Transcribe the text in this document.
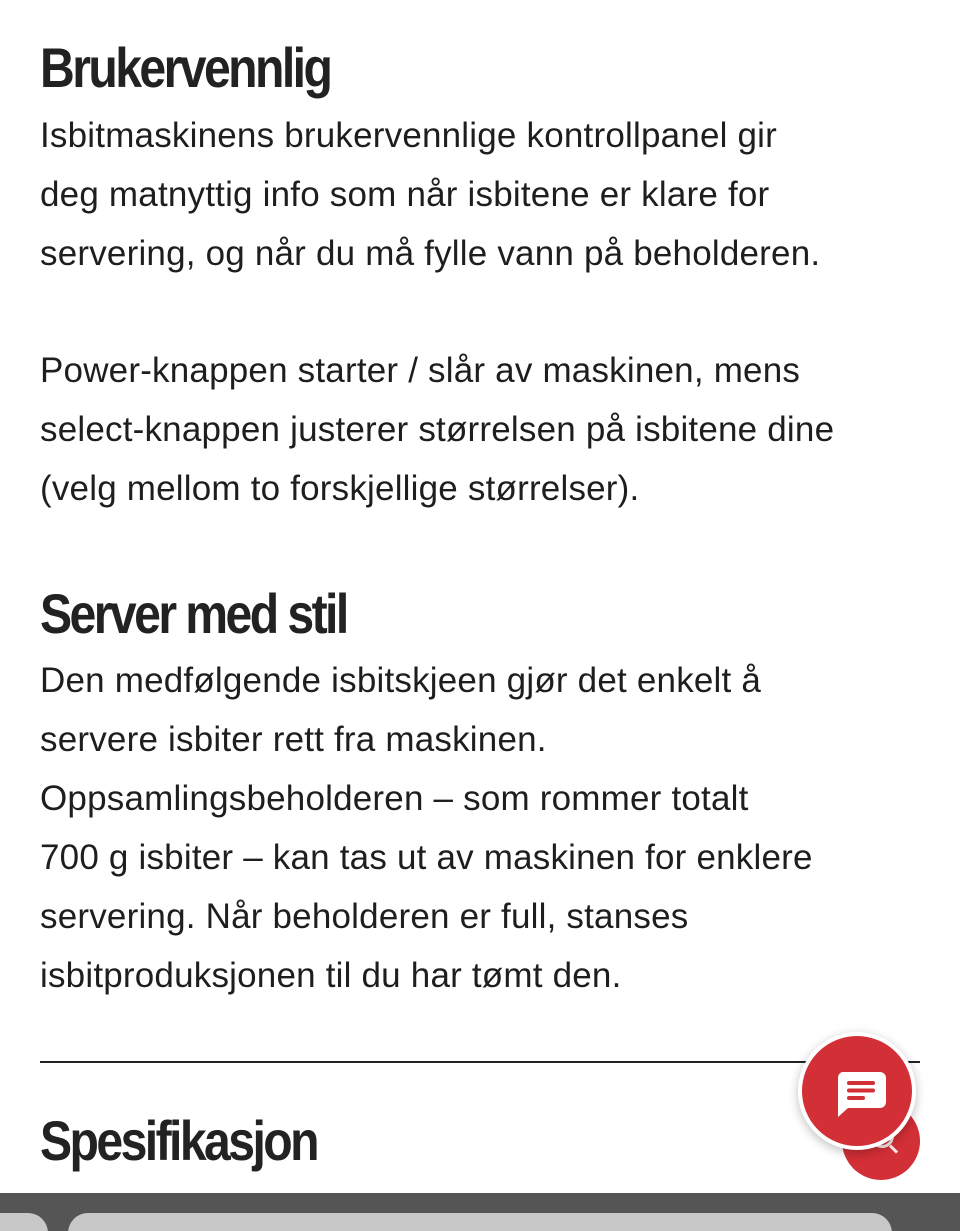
Brukervennlig

Isbitmaskinens brukervennlige kontrollpanel gir
deg matnyttig info som når isbitene er klare for
servering, og når du må fylle vann på beholderen.

Power-knappen starter / slår av maskinen, mens
select-knappen justerer størrelsen på isbitene dine
(velg mellom to forskjellige størrelser).

Server med stil

Den medfølgende isbitskjeen gjør det enkelt å
servere isbiter rett fra maskinen.
Oppsamlingsbeholderen – som rommer totalt
700 g isbiter – kan tas ut av maskinen for enklere
servering. Når beholderen er full, stanses
isbitproduksjonen til du har tømt den.

Spesifikasjon
